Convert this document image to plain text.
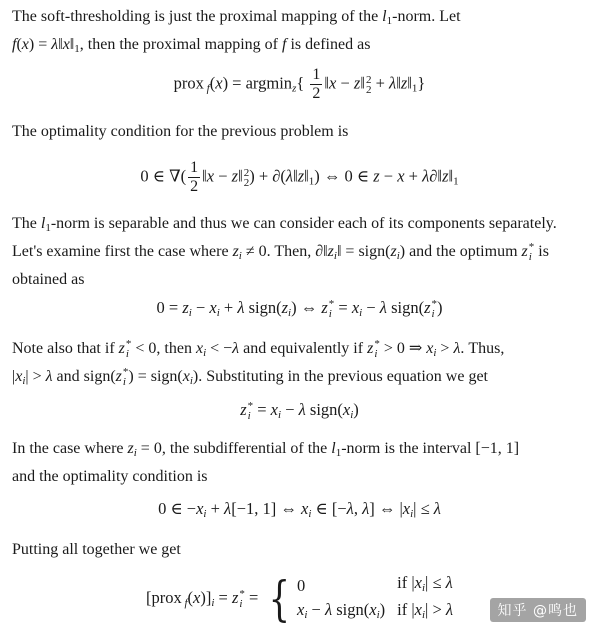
The soft-thresholding is just the proximal mapping of the $l_1$-norm. Let
$f(x) = \lambda‖x‖_1$, then the proximal mapping of f is defined as

prox $_f(x) = argmin_z\{ \frac{1}{2}$ ‖x − z‖ 2
$2 + \lambda‖z‖_1$}

The optimality condition for the previous problem is

0 ∈ ∇( $\frac{1}{2}$ ‖x − z‖ 2
2 ) + $\partial(\lambda‖z‖_1)$ ⇔ 0 ∈ $z - x + \lambda\partial‖z‖_1$

The $l_1$-norm is separable and thus we can consider each of its components separately. Let's examine first the case where $z_i \ne 0$. Then, $\partial‖z_i‖$ = $sign(z_i)$ and the optimum z *
i is obtained as

$0 = z_i - x_i + \lambda$ $sign(z_i)$ ⇔ z *
$i = x_i - \lambda$ sign(z *
i )

Note also that if z *
i < 0, then $x_i < -\lambda$ and equivalently if z *
i > 0 ⇒ $x_i > \lambda$. Thus,
$|x_i| > \lambda$ and sign(z *
i ) = $sign(x_i)$. Substituting in the previous equation we get

z *
$i = x_i - \lambda$ $sign(x_i)$

In the case where $z_i = 0$, the subdifferential of the $l_1$-norm is the interval [−1, 1]
and the optimality condition is

0 ∈ $-x_i + \lambda[-1$, 1] ⇔ $x_i$ ∈ [−λ, λ] ⇔ $|x_i| \le \lambda$

Putting all together we get

[prox $_f(x)]_i = z$ *
i = { 0	if $|x_i| \le \lambda$
$x_i - \lambda$ $sign(x_i)$	if $|x_i| > \lambda$	知乎 @鸣也
